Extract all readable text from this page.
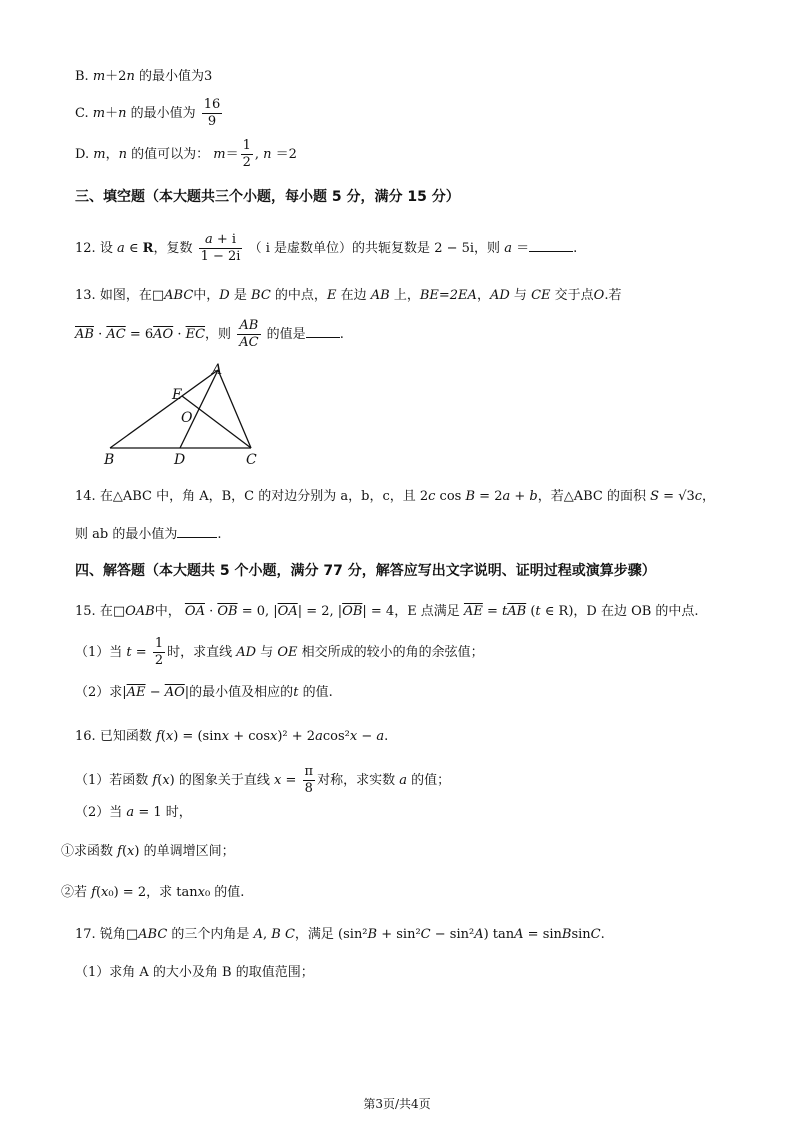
B. m＋2n 的最小值为3
C. m＋n 的最小值为 $\frac{16}{9}$
D. m，n 的值可以为： $m= \frac{1}{2}$ , n ＝2
三、填空题（本大题共三个小题，每小题 5 分，满分 15 分）
12. 设 a ∈ R，复数 $\frac{a + i}{1 - 2i}$ （ i 是虚数单位）的共轭复数是 2 − 5i，则 a ＝	.
13. 如图，在□ABC中，D 是 BC 的中点，E 在边 AB 上，BE=2EA，AD 与 CE 交于点O.若
$\overline{AB} \cdot \overline{AC} = 6\overline{AO} \cdot \overline{EC}$，则 $\frac{AB}{AC}$ 的值是	.
A
B	C
D
E
O
14. 在△ABC 中，角 A，B，C 的对边分别为 a，b，c，且 2c cos B = 2a + b，若△ABC 的面积 S = √3c，
则 ab 的最小值为	.
四、解答题（本大题共 5 个小题，满分 77 分，解答应写出文字说明、证明过程或演算步骤）
15. 在□OAB中， $\overline{OA} \cdot \overline{OB} = 0$, $|\overline{OA}| = 2$, $|\overline{OB}| = 4$，E 点满足 $\overline{AE} = t\overline{AB}$ (t ∈ R)，D 在边 OB 的中点.
（1）当 $t = \frac{1}{2}$ 时，求直线 AD 与 OE 相交所成的较小的角的余弦值；
（2）求$|\overline{AE} - \overline{AO}|$的最小值及相应的t 的值.
16. 已知函数 f(x) = (sinx + cosx)² + 2acos²x − a.
（1）若函数 f(x) 的图象关于直线 $x = \frac{\pi}{8}$ 对称，求实数 a 的值；
（2）当 a = 1 时，
①求函数 f(x) 的单调增区间；
②若 f(x₀) = 2，求 tanx₀ 的值.
17. 锐角□ABC 的三个内角是 A, B C，满足 (sin²B + sin²C − sin²A) tanA = sinBsinC.
（1）求角 A 的大小及角 B 的取值范围；
第3页/共4页
